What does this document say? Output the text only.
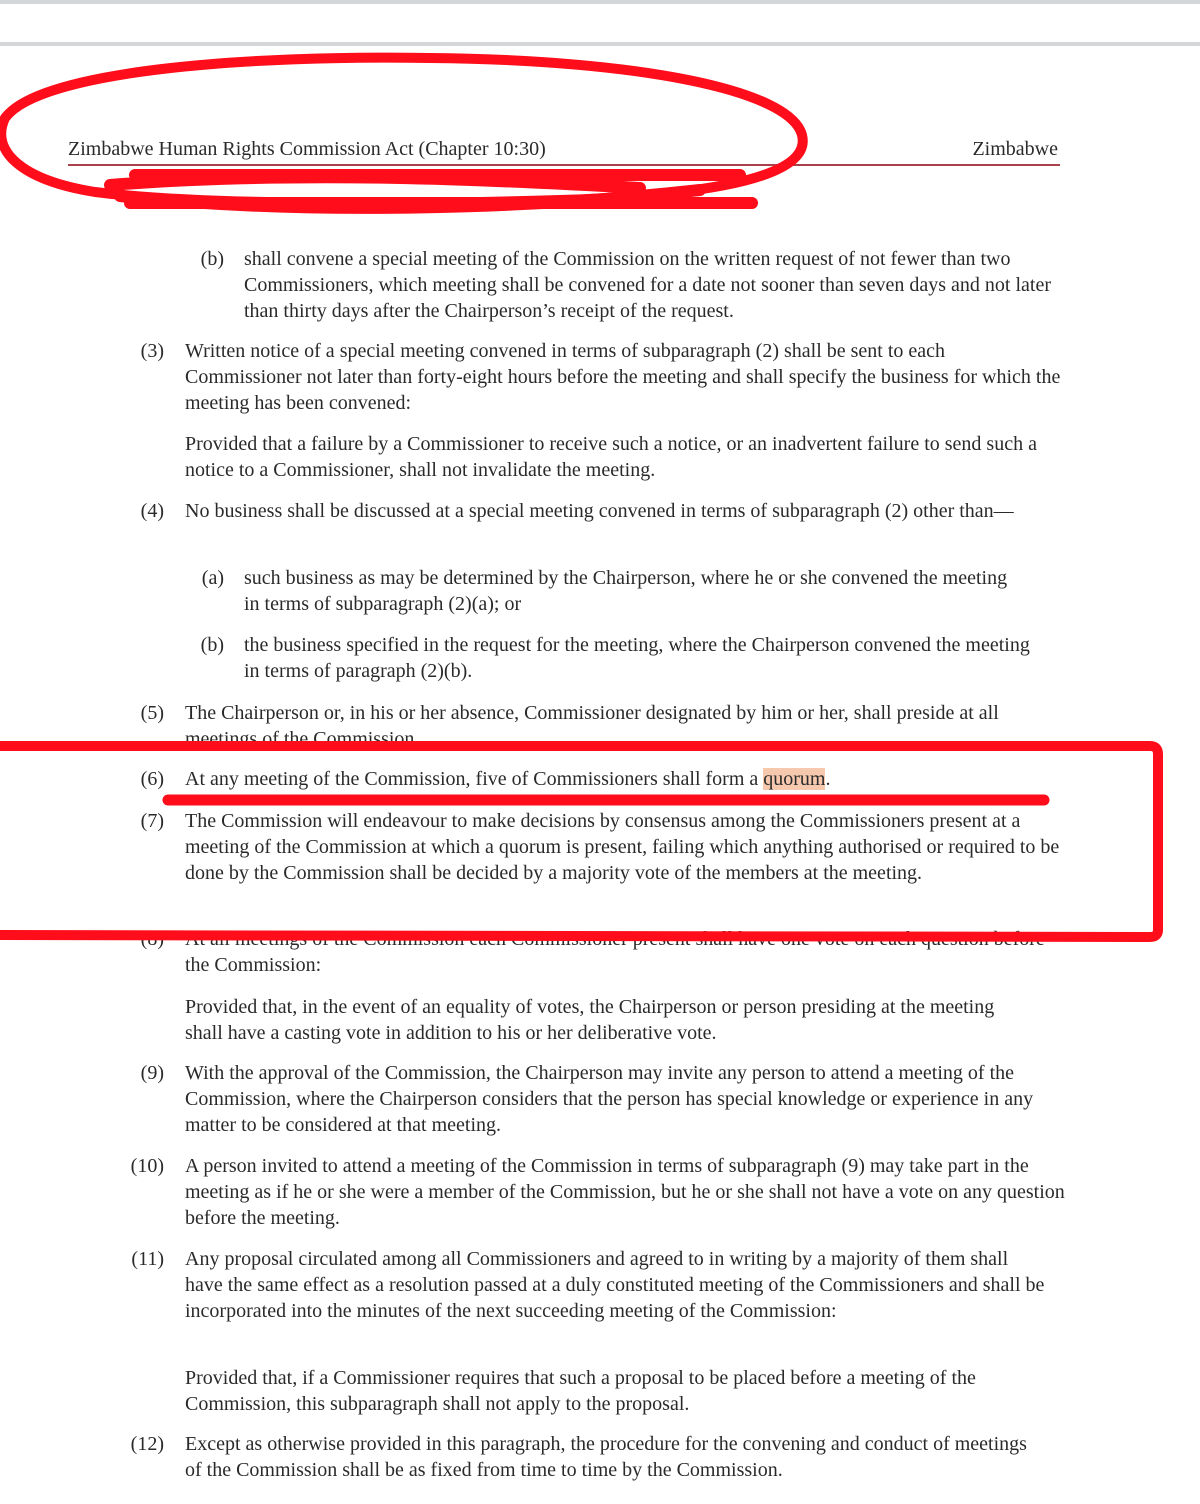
Zimbabwe Human Rights Commission Act (Chapter 10:30)	Zimbabwe
(b) shall convene a special meeting of the Commission on the written request of not fewer than two Commissioners, which meeting shall be convened for a date not sooner than seven days and not later than thirty days after the Chairperson’s receipt of the request.
(3) Written notice of a special meeting convened in terms of subparagraph (2) shall be sent to each Commissioner not later than forty-eight hours before the meeting and shall specify the business for which the meeting has been convened:
Provided that a failure by a Commissioner to receive such a notice, or an inadvertent failure to send such a notice to a Commissioner, shall not invalidate the meeting.
(4) No business shall be discussed at a special meeting convened in terms of subparagraph (2) other than—
(a) such business as may be determined by the Chairperson, where he or she convened the meeting in terms of subparagraph (2)(a); or
(b) the business specified in the request for the meeting, where the Chairperson convened the meeting in terms of paragraph (2)(b).
(5) The Chairperson or, in his or her absence, Commissioner designated by him or her, shall preside at all meetings of the Commission.
(6) At any meeting of the Commission, five of Commissioners shall form a quorum.
(7) The Commission will endeavour to make decisions by consensus among the Commissioners present at a meeting of the Commission at which a quorum is present, failing which anything authorised or required to be done by the Commission shall be decided by a majority vote of the members at the meeting.
(8) At all meetings of the Commission each Commissioner present shall have one vote on each question before the Commission:
Provided that, in the event of an equality of votes, the Chairperson or person presiding at the meeting shall have a casting vote in addition to his or her deliberative vote.
(9) With the approval of the Commission, the Chairperson may invite any person to attend a meeting of the Commission, where the Chairperson considers that the person has special knowledge or experience in any matter to be considered at that meeting.
(10) A person invited to attend a meeting of the Commission in terms of subparagraph (9) may take part in the meeting as if he or she were a member of the Commission, but he or she shall not have a vote on any question before the meeting.
(11) Any proposal circulated among all Commissioners and agreed to in writing by a majority of them shall have the same effect as a resolution passed at a duly constituted meeting of the Commissioners and shall be incorporated into the minutes of the next succeeding meeting of the Commission:
Provided that, if a Commissioner requires that such a proposal to be placed before a meeting of the Commission, this subparagraph shall not apply to the proposal.
(12) Except as otherwise provided in this paragraph, the procedure for the convening and conduct of meetings of the Commission shall be as fixed from time to time by the Commission.
